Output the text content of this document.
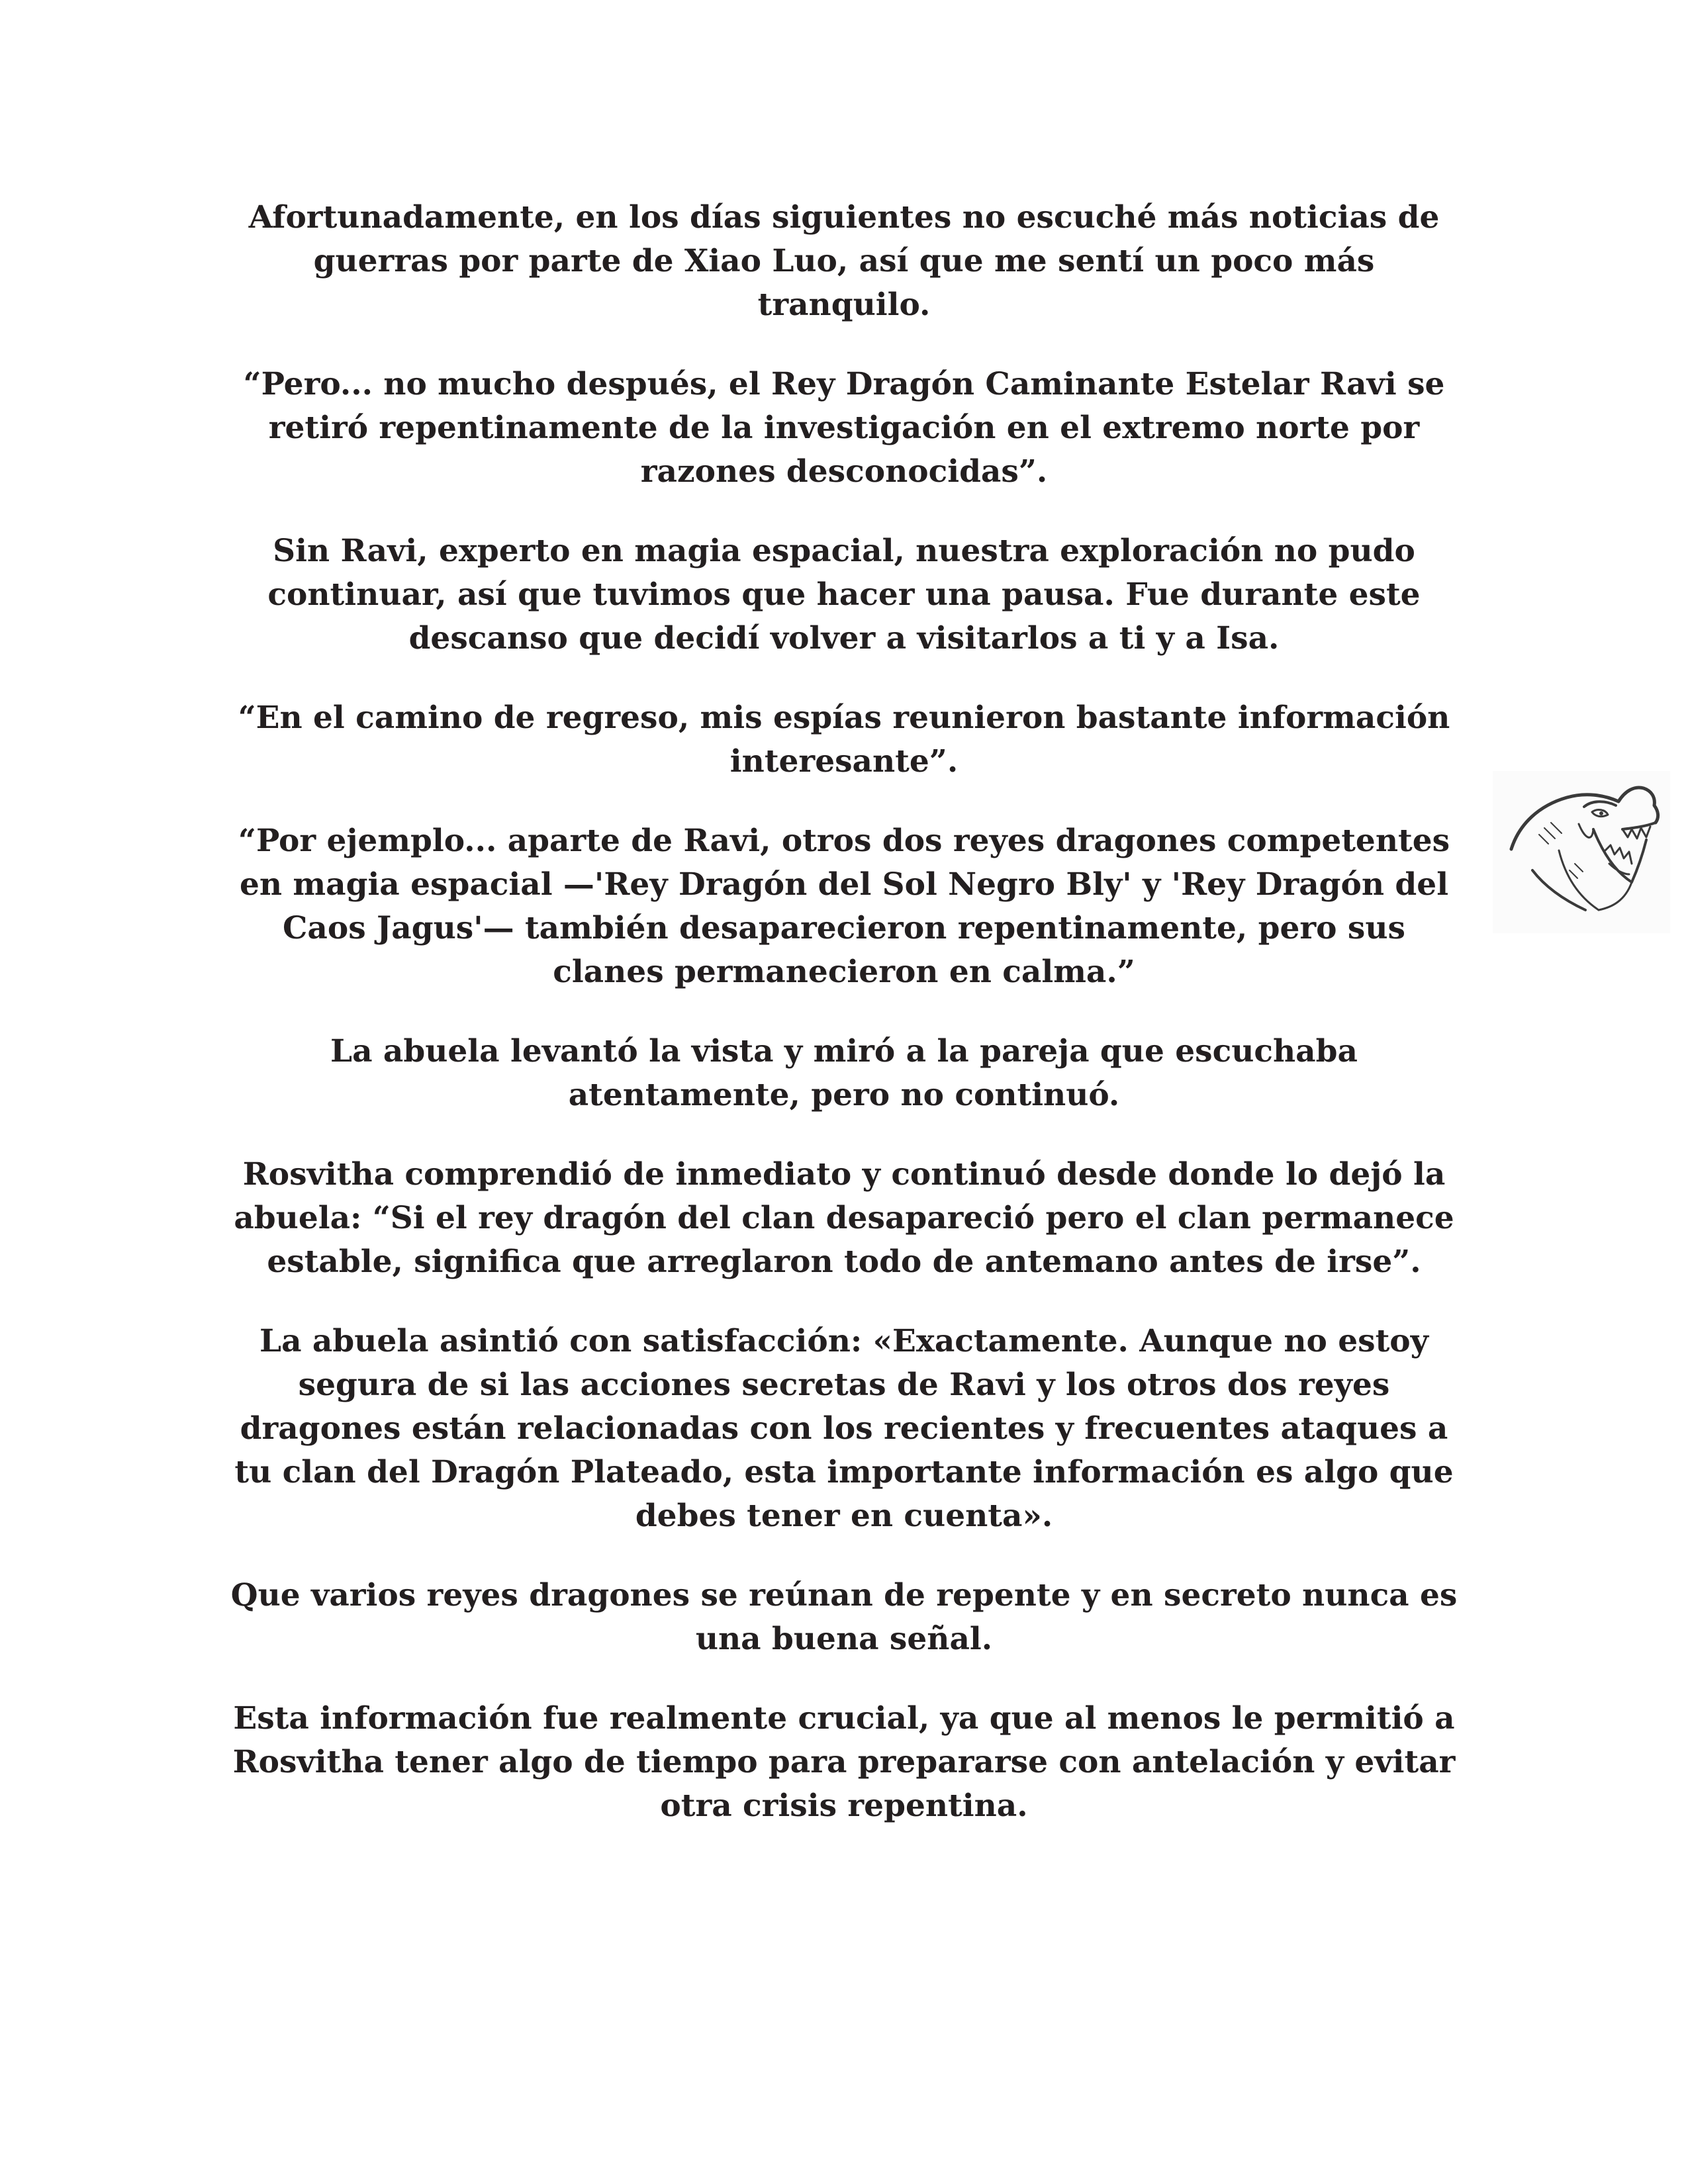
Afortunadamente, en los días siguientes no escuché más noticias de guerras por parte de Xiao Luo, así que me sentí un poco más tranquilo.

“Pero... no mucho después, el Rey Dragón Caminante Estelar Ravi se retiró repentinamente de la investigación en el extremo norte por razones desconocidas”.

Sin Ravi, experto en magia espacial, nuestra exploración no pudo continuar, así que tuvimos que hacer una pausa. Fue durante este descanso que decidí volver a visitarlos a ti y a Isa.

“En el camino de regreso, mis espías reunieron bastante información interesante”.

“Por ejemplo... aparte de Ravi, otros dos reyes dragones competentes en magia espacial —'Rey Dragón del Sol Negro Bly' y 'Rey Dragón del Caos Jagus'— también desaparecieron repentinamente, pero sus clanes permanecieron en calma.”

La abuela levantó la vista y miró a la pareja que escuchaba atentamente, pero no continuó.

Rosvitha comprendió de inmediato y continuó desde donde lo dejó la abuela: “Si el rey dragón del clan desapareció pero el clan permanece estable, significa que arreglaron todo de antemano antes de irse”.

La abuela asintió con satisfacción: «Exactamente. Aunque no estoy segura de si las acciones secretas de Ravi y los otros dos reyes dragones están relacionadas con los recientes y frecuentes ataques a tu clan del Dragón Plateado, esta importante información es algo que debes tener en cuenta».

Que varios reyes dragones se reúnan de repente y en secreto nunca es una buena señal.

Esta información fue realmente crucial, ya que al menos le permitió a Rosvitha tener algo de tiempo para prepararse con antelación y evitar otra crisis repentina.
